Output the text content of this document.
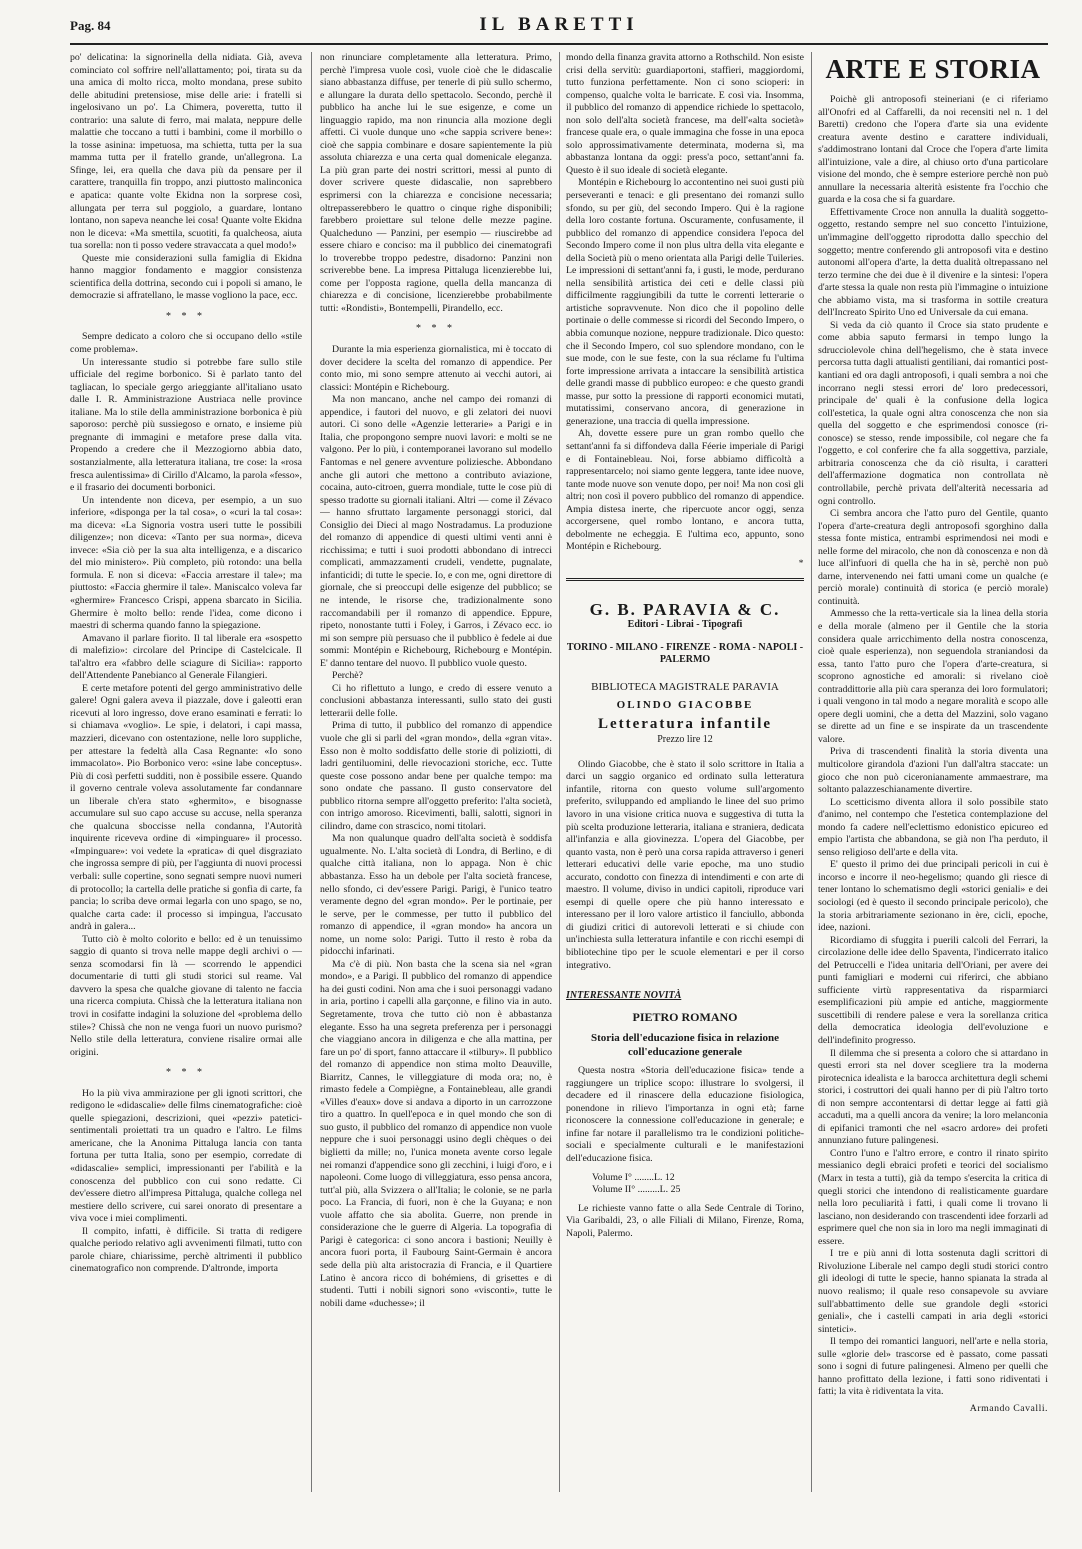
Pag. 84	IL BARETTI

po' delicatina: la signorinella della nidiata. Già, aveva cominciato col soffrire nell'allattamento; poi, tirata su da una amica di molto ricca, molto mondana, prese subito delle abitudini pretensiose, mise delle arie: i fratelli si ingelosivano un po'. La Chimera, poveretta, tutto il contrario: una salute di ferro, mai malata, neppure delle malattie che toccano a tutti i bambini, come il morbillo o la tosse asinina: impetuosa, ma schietta, tutta per la sua mamma tutta per il fratello grande, un'allegrona. La Sfinge, lei, era quella che dava più da pensare per il carattere, tranquilla fin troppo, anzi piuttosto malinconica e apatica: quante volte Ekidna non la sorprese così, allungata per terra sul poggiolo, a guardare, lontano lontano, non sapeva neanche lei cosa! Quante volte Ekidna non le diceva: «Ma smettila, scuotiti, fa qualcheosa, aiuta tua sorella: non ti posso vedere stravaccata a quel modo!»

Queste mie considerazioni sulla famiglia di Ekidna hanno maggior fondamento e maggior consistenza scientifica della dottrina, secondo cui i popoli si amano, le democrazie si affratellano, le masse vogliono la pace, ecc.

* * *

Sempre dedicato a coloro che si occupano dello «stile come problema».

Un interessante studio si potrebbe fare sullo stile ufficiale del regime borbonico. Si è parlato tanto del tagliacan, lo speciale gergo arieggiante all'italiano usato dalle I. R. Amministrazione Austriaca nelle province italiane. Ma lo stile della amministrazione borbonica è più saporoso: perchè più sussiegoso e ornato, e insieme più pregnante di immagini e metafore prese dalla vita. Propendo a credere che il Mezzogiorno abbia dato, sostanzialmente, alla letteratura italiana, tre cose: la «rosa fresca aulentissima» di Cirillo d'Alcamo, la parola «fesso», e il frasario dei documenti borbonici.

Un intendente non diceva, per esempio, a un suo inferiore, «disponga per la tal cosa», o «curi la tal cosa»: ma diceva: «La Signoria vostra useri tutte le possibili diligenze»; non diceva: «Tanto per sua norma», diceva invece: «Sia ciò per la sua alta intelligenza, e a discarico del mio ministero». Più completo, più rotondo: una bella formula. E non si diceva: «Faccia arrestare il tale»; ma piuttosto: «Faccia ghermire il tale». Maniscalco voleva far «ghermire» Francesco Crispi, appena sbarcato in Sicilia. Ghermire è molto bello: rende l'idea, come dicono i maestri di scherma quando fanno la spiegazione.

Amavano il parlare fiorito. Il tal liberale era «sospetto di malefizio»: circolare del Principe di Castelcicale. Il tal'altro era «fabbro delle sciagure di Sicilia»: rapporto dell'Attendente Panebianco al Generale Filangieri.

E certe metafore potenti del gergo amministrativo delle galere! Ogni galera aveva il piazzale, dove i galeotti eran ricevuti al loro ingresso, dove erano esaminati e ferrati: lo si chiamava «voglio». Le spie, i delatori, i capi massa, mazzieri, dicevano con ostentazione, nelle loro suppliche, per attestare la fedeltà alla Casa Regnante: «Io sono immacolato». Pio Borbonico vero: «sine labe conceptus». Più di così perfetti sudditi, non è possibile essere. Quando il governo centrale voleva assolutamente far condannare un liberale ch'era stato «ghermito», e bisognasse accumulare sul suo capo accuse su accuse, nella speranza che qualcuna sboccisse nella condanna, l'Autorità inquirente riceveva ordine di «impinguare» il processo. «Impinguare»: voi vedete la «pratica» di quel disgraziato che ingrossa sempre di più, per l'aggiunta di nuovi processi verbali: sulle copertine, sono segnati sempre nuovi numeri di protocollo; la cartella delle pratiche si gonfia di carte, fa pancia; lo scriba deve ormai legarla con uno spago, se no, qualche carta cade: il processo si impingua, l'accusato andrà in galera...

Tutto ciò è molto colorito e bello: ed è un tenuissimo saggio di quanto si trova nelle mappe degli archivi o — senza scomodarsi fin là — scorrendo le appendici documentarie di tutti gli studi storici sul reame. Val davvero la spesa che qualche giovane di talento ne faccia una ricerca compiuta. Chissà che la letteratura italiana non trovi in cosifatte indagini la soluzione del «problema dello stile»? Chissà che non ne venga fuori un nuovo purismo? Nello stile della letteratura, conviene risalire ormai alle origini.

* * *

Ho la più viva ammirazione per gli ignoti scrittori, che redigono le «didascalie» delle films cinematografiche: cioè quelle spiegazioni, descrizioni, quei «pezzi» patetici-sentimentali proiettati tra un quadro e l'altro. Le films americane, che la Anonima Pittaluga lancia con tanta fortuna per tutta Italia, sono per esempio, corredate di «didascalie» semplici, impressionanti per l'abilità e la conoscenza del pubblico con cui sono redatte. Ci dev'essere dietro all'impresa Pittaluga, qualche collega nel mestiere dello scrivere, cui sarei onorato di presentare a viva voce i miei complimenti.

Il compito, infatti, è difficile. Si tratta di redigere qualche periodo relativo agli avvenimenti filmati, tutto con parole chiare, chiarissime, perchè altrimenti il pubblico cinematografico non comprende. D'altronde, importa

non rinunciare completamente alla letteratura. Primo, perchè l'impresa vuole così, vuole cioè che le didascalie siano abbastanza diffuse, per tenerle di più sullo schermo, e allungare la durata dello spettacolo. Secondo, perchè il pubblico ha anche lui le sue esigenze, e come un linguaggio rapido, ma non rinuncia alla mozione degli affetti. Ci vuole dunque uno «che sappia scrivere bene»: cioè che sappia combinare e dosare sapientemente la più assoluta chiarezza e una certa qual domenicale eleganza. La più gran parte dei nostri scrittori, messi al punto di dover scrivere queste didascalie, non saprebbero esprimersi con la chiarezza e concisione necessaria; oltrepasserebbero le quattro o cinque righe disponibili; farebbero proiettare sul telone delle mezze pagine. Qualcheduno — Panzini, per esempio — riuscirebbe ad essere chiaro e conciso: ma il pubblico dei cinematografi lo troverebbe troppo pedestre, disadorno: Panzini non scriverebbe bene. La impresa Pittaluga licenzierebbe lui, come per l'opposta ragione, quella della mancanza di chiarezza e di concisione, licenzierebbe probabilmente tutti: «Rondisti», Bontempelli, Pirandello, ecc.

* * *

Durante la mia esperienza giornalistica, mi è toccato di dover decidere la scelta del romanzo di appendice. Per conto mio, mi sono sempre attenuto ai vecchi autori, ai classici: Montépin e Richebourg.

Ma non mancano, anche nel campo dei romanzi di appendice, i fautori del nuovo, e gli zelatori dei nuovi autori. Ci sono delle «Agenzie letterarie» a Parigi e in Italia, che propongono sempre nuovi lavori: e molti se ne valgono. Per lo più, i contemporanei lavorano sul modello Fantomas e nel genere avventure poliziesche. Abbondano anche gli autori che mettono a contributo aviazione, cocaina, auto-citroen, guerra mondiale, tutte le cose più di spesso tradotte su giornali italiani. Altri — come il Zévaco — hanno sfruttato largamente personaggi storici, dal Consiglio dei Dieci al mago Nostradamus. La produzione del romanzo di appendice di questi ultimi venti anni è ricchissima; e tutti i suoi prodotti abbondano di intrecci complicati, ammazzamenti crudeli, vendette, pugnalate, infanticidi; di tutte le specie. Io, e con me, ogni direttore di giornale, che si preoccupi delle esigenze del pubblico; se ne intende, le risorse che, tradizionalmente sono raccomandabili per il romanzo di appendice. Eppure, ripeto, nonostante tutti i Foley, i Garros, i Zévaco ecc. io mi son sempre più persuaso che il pubblico è fedele ai due sommi: Montépin e Richebourg, Richebourg e Montépin. E' danno tentare del nuovo. Il pubblico vuole questo.

Perchè?

Ci ho riflettuto a lungo, e credo di essere venuto a conclusioni abbastanza interessanti, sullo stato dei gusti letterarii delle folle.

Prima di tutto, il pubblico del romanzo di appendice vuole che gli si parli del «gran mondo», della «gran vita». Esso non è molto soddisfatto delle storie di poliziotti, di ladri gentiluomini, delle rievocazioni storiche, ecc. Tutte queste cose possono andar bene per qualche tempo: ma sono ondate che passano. Il gusto conservatore del pubblico ritorna sempre all'oggetto preferito: l'alta società, con intrigo amoroso. Ricevimenti, balli, salotti, signori in cilindro, dame con strascico, nomi titolari.

Ma non qualunque quadro dell'alta società è soddisfa ugualmente. No. L'alta società di Londra, di Berlino, e di qualche città italiana, non lo appaga. Non è chic abbastanza. Esso ha un debole per l'alta società francese, nello sfondo, ci dev'essere Parigi. Parigi, è l'unico teatro veramente degno del «gran mondo». Per le portinaie, per le serve, per le commesse, per tutto il pubblico del romanzo di appendice, il «gran mondo» ha ancora un nome, un nome solo: Parigi. Tutto il resto è roba da pidocchi infarinati.

Ma c'è di più. Non basta che la scena sia nel «gran mondo», e a Parigi. Il pubblico del romanzo di appendice ha dei gusti codini. Non ama che i suoi personaggi vadano in aria, portino i capelli alla garçonne, e filino via in auto. Segretamente, trova che tutto ciò non è abbastanza elegante. Esso ha una segreta preferenza per i personaggi che viaggiano ancora in diligenza e che alla mattina, per fare un po' di sport, fanno attaccare il «tilbury». Il pubblico del romanzo di appendice non stima molto Deauville, Biarritz, Cannes, le villeggiature di moda ora; no, è rimasto fedele a Compiègne, a Fontainebleau, alle grandi «Villes d'eaux» dove si andava a diporto in un carrozzone tiro a quattro. In quell'epoca e in quel mondo che son di suo gusto, il pubblico del romanzo di appendice non vuole neppure che i suoi personaggi usino degli chèques o dei biglietti da mille; no, l'unica moneta avente corso legale nei romanzi d'appendice sono gli zecchini, i luigi d'oro, e i napoleoni. Come luogo di villeggiatura, esso pensa ancora, tutt'al più, alla Svizzera o all'Italia; le colonie, se ne parla poco. La Francia, di fuori, non è che la Guyana; e non vuole affatto che sia abolita. Guerre, non prende in considerazione che le guerre di Algeria. La topografia di Parigi è categorica: ci sono ancora i bastioni; Neuilly è ancora fuori porta, il Faubourg Saint-Germain è ancora sede della più alta aristocrazia di Francia, e il Quartiere Latino è ancora ricco di bohémiens, di grisettes e di studenti. Tutti i nobili signori sono «visconti», tutte le nobili dame «duchesse»; il

mondo della finanza gravita attorno a Rothschild. Non esiste crisi della servitù: guardiaportoni, staffieri, maggiordomi, tutto funziona perfettamente. Non ci sono scioperi: in compenso, qualche volta le barricate. E così via. Insomma, il pubblico del romanzo di appendice richiede lo spettacolo, non solo dell'alta società francese, ma dell'«alta società» francese quale era, o quale immagina che fosse in una epoca solo approssimativamente determinata, moderna sì, ma abbastanza lontana da oggi: press'a poco, settant'anni fa. Questo è il suo ideale di società elegante.

Montépin e Richebourg lo accontentino nei suoi gusti più perseveranti e tenaci: e gli presentano dei romanzi sullo sfondo, su per giù, del secondo Impero. Qui è la ragione della loro costante fortuna. Oscuramente, confusamente, il pubblico del romanzo di appendice considera l'epoca del Secondo Impero come il non plus ultra della vita elegante e della Società più o meno orientata alla Parigi delle Tuileries. Le impressioni di settant'anni fa, i gusti, le mode, perdurano nella sensibilità artistica dei ceti e delle classi più difficilmente raggiungibili da tutte le correnti letterarie o artistiche sopravvenute. Non dico che il popolino delle portinaie o delle commesse si ricordi del Secondo Impero, o abbia comunque nozione, neppure tradizionale. Dico questo: che il Secondo Impero, col suo splendore mondano, con le sue mode, con le sue feste, con la sua réclame fu l'ultima forte impressione arrivata a intaccare la sensibilità artistica delle grandi masse di pubblico europeo: e che questo grandi masse, pur sotto la pressione di rapporti economici mutati, mutatissimi, conservano ancora, di generazione in generazione, una traccia di quella impressione.

Ah, dovette essere pure un gran rombo quello che settant'anni fa si diffondeva dalla Féerie imperiale di Parigi e di Fontainebleau. Noi, forse abbiamo difficoltà a rappresentarcelo; noi siamo gente leggera, tante idee nuove, tante mode nuove son venute dopo, per noi! Ma non così gli altri; non così il povero pubblico del romanzo di appendice. Ampia distesa inerte, che ripercuote ancor oggi, senza accorgersene, quel rombo lontano, e ancora tutta, debolmente ne echeggia. E l'ultima eco, appunto, sono Montépin e Richebourg.

*
G. B. PARAVIA & C.
Editori - Librai - Tipografi
TORINO - MILANO - FIRENZE - ROMA - NAPOLI - PALERMO
BIBLIOTECA MAGISTRALE PARAVIA
OLINDO GIACOBBE
Letteratura infantile
Prezzo lire 12

Olindo Giacobbe, che è stato il solo scrittore in Italia a darci un saggio organico ed ordinato sulla letteratura infantile, ritorna con questo volume sull'argomento preferito, sviluppando ed ampliando le linee del suo primo lavoro in una visione critica nuova e suggestiva di tutta la più scelta produzione letteraria, italiana e straniera, dedicata all'infanzia e alla giovinezza. L'opera del Giacobbe, per quanto vasta, non è però una corsa rapida attraverso i generi letterari educativi delle varie epoche, ma uno studio accurato, condotto con finezza di intendimenti e con arte di maestro. Il volume, diviso in undici capitoli, riproduce vari esempi di quelle opere che più hanno interessato e interessano per il loro valore artistico il fanciullo, abbonda di giudizi critici di autorevoli letterati e si chiude con un'inchiesta sulla letteratura infantile e con ricchi esempi di bibliotechine tipo per le scuole elementari e per il corso integrativo.

INTERESSANTE NOVITÀ
PIETRO ROMANO
Storia dell'educazione fisica in relazione coll'educazione generale

Questa nostra «Storia dell'educazione fisica» tende a raggiungere un triplice scopo: illustrare lo svolgersi, il decadere ed il rinascere della educazione fisiologica, ponendone in rilievo l'importanza in ogni età; farne riconoscere la connessione coll'educazione in generale; e infine far notare il parallelismo tra le condizioni politiche-sociali e specialmente culturali e le manifestazioni dell'educazione fisica.

Volume I° ........L. 12
Volume II° .........L. 25

Le richieste vanno fatte o alla Sede Centrale di Torino, Via Garibaldi, 23, o alle Filiali di Milano, Firenze, Roma, Napoli, Palermo.

ARTE E STORIA

Poichè gli antroposofi steineriani (e ci riferiamo all'Onofri ed al Caffarelli, da noi recensiti nel n. 1 del Baretti) credono che l'opera d'arte sia una evidente creatura avente destino e carattere individuali, s'addimostrano lontani dal Croce che l'opera d'arte limita all'intuizione, vale a dire, al chiuso orto d'una particolare visione del mondo, che è sempre esteriore perchè non può annullare la necessaria alterità esistente fra l'occhio che guarda e la cosa che si fa guardare.

Effettivamente Croce non annulla la dualità soggetto-oggetto, restando sempre nel suo concetto l'intuizione, un'immagine dell'oggetto riprodotta dallo specchio del soggetto; mentre conferendo gli antroposofi vita e destino autonomi all'opera d'arte, la detta dualità oltrepassano nel terzo termine che dei due è il divenire e la sintesi: l'opera d'arte stessa la quale non resta più l'immagine o intuizione che abbiamo vista, ma si trasforma in sottile creatura dell'Increato Spirito Uno ed Universale da cui emana.

Si veda da ciò quanto il Croce sia stato prudente e come abbia saputo fermarsi in tempo lungo la sdrucciolevole china dell'hegelismo, che è stata invece percorsa tutta dagli attualisti gentiliani, dai romantici post-kantiani ed ora dagli antroposofi, i quali sembra a noi che incorrano negli stessi errori de' loro predecessori, principale de' quali è la confusione della logica coll'estetica, la quale ogni altra conoscenza che non sia quella del soggetto e che esprimendosi conosce (ri-conosce) se stesso, rende impossibile, col negare che fa l'oggetto, e col conferire che fa alla soggettiva, parziale, arbitraria conoscenza che da ciò risulta, i caratteri dell'affermazione dogmatica non controllata nè controllabile, perchè privata dell'alterità necessaria ad ogni controllo.

Ci sembra ancora che l'atto puro del Gentile, quanto l'opera d'arte-creatura degli antroposofi sgorghino dalla stessa fonte mistica, entrambi esprimendosi nei modi e nelle forme del miracolo, che non dà conoscenza e non dà luce all'infuori di quella che ha in sè, perchè non può darne, intervenendo nei fatti umani come un qualche (e perciò morale) continuità di storica (e perciò morale) continuità.

Ammesso che la retta-verticale sia la linea della storia e della morale (almeno per il Gentile che la storia considera quale arricchimento della nostra conoscenza, cioè quale esperienza), non seguendola straniandosi da essa, tanto l'atto puro che l'opera d'arte-creatura, si scoprono agnostiche ed amorali: si rivelano cioè contraddittorie alla più cara speranza dei loro formulatori; i quali vengono in tal modo a negare moralità e scopo alle opere degli uomini, che a detta del Mazzini, solo vagano se dirette ad un fine e se inspirate da un trascendente valore.

Priva di trascendenti finalità la storia diventa una multicolore girandola d'azioni l'un dall'altra staccate: un gioco che non può ciceronianamente ammaestrare, ma soltanto palazzeschianamente divertire.

Lo scetticismo diventa allora il solo possibile stato d'animo, nel contempo che l'estetica contemplazione del mondo fa cadere nell'eclettismo edonistico epicureo ed empio l'artista che abbandona, se già non l'ha perduto, il senso religioso dell'arte e della vita.

E' questo il primo dei due principali pericoli in cui è incorso e incorre il neo-hegelismo; quando gli riesce di tener lontano lo schematismo degli «storici geniali» e dei sociologi (ed è questo il secondo principale pericolo), che la storia arbitrariamente sezionano in ère, cicli, epoche, idee, nazioni.

Ricordiamo di sfuggita i puerili calcoli del Ferrari, la circolazione delle idee dello Spaventa, l'indicerrato italico del Petruccelli e l'idea unitaria dell'Oriani, per avere dei punti famigliari e moderni cui riferirci, che abbiano sufficiente virtù rappresentativa da risparmiarci esemplificazioni più ampie ed antiche, maggiormente suscettibili di rendere palese e vera la sorellanza critica della democratica ideologia dell'evoluzione e dell'indefinito progresso.

Il dilemma che si presenta a coloro che si attardano in questi errori sta nel dover scegliere tra la moderna pirotecnica idealista e la barocca architettura degli schemi storici, i costruttori dei quali hanno per di più l'altro torto di non sempre accontentarsi di dettar legge ai fatti già accaduti, ma a quelli ancora da venire; la loro melanconia di epifanici tramonti che nel «sacro ardore» dei profeti annunziano future palingenesi.

Contro l'uno e l'altro errore, e contro il rinato spirito messianico degli ebraici profeti e teorici del socialismo (Marx in testa a tutti), già da tempo s'esercita la critica di quegli storici che intendono di realisticamente guardare nella loro peculiarità i fatti, i quali come li trovano li lasciano, non desiderando con trascendenti idee forzarli ad esprimere quel che non sia in loro ma negli immaginati di essere.

I tre e più anni di lotta sostenuta dagli scrittori di Rivoluzione Liberale nel campo degli studi storici contro gli ideologi di tutte le specie, hanno spianata la strada al nuovo realismo; il quale reso consapevole su avviare sull'abbattimento delle sue grandole degli «storici geniali», che i castelli campati in aria degli «storici sintetici».

Il tempo dei romantici languori, nell'arte e nella storia, sulle «glorie del» trascorse ed è passato, come passati sono i sogni di future palingenesi. Almeno per quelli che hanno profittato della lezione, i fatti sono ridiventati i fatti; la vita è ridiventata la vita.

Armando Cavalli.
